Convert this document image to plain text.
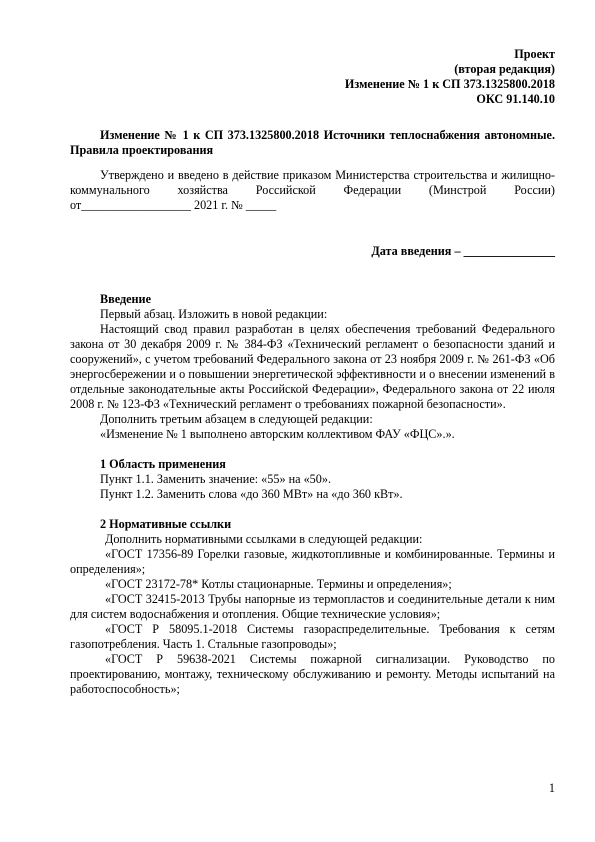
Проект

(вторая редакция)

Изменение № 1 к СП 373.1325800.2018

ОКС 91.140.10

Изменение № 1 к СП 373.1325800.2018 Источники теплоснабжения автономные. Правила проектирования

Утверждено и введено в действие приказом Министерства строительства и жилищно-коммунального хозяйства Российской Федерации (Минстрой России) от__________________ 2021 г. № _____

Дата введения – _______________

Введение

Первый абзац. Изложить в новой редакции:

Настоящий свод правил разработан в целях обеспечения требований Федерального закона от 30 декабря 2009 г. № 384-ФЗ «Технический регламент о безопасности зданий и сооружений», с учетом требований Федерального закона от 23 ноября 2009 г. № 261-ФЗ «Об энергосбережении и о повышении энергетической эффективности и о внесении изменений в отдельные законодательные акты Российской Федерации», Федерального закона от 22 июля 2008 г. № 123-ФЗ «Технический регламент о требованиях пожарной безопасности».

Дополнить третьим абзацем в следующей редакции:

«Изменение № 1 выполнено авторским коллективом ФАУ «ФЦС».».

1 Область применения

Пункт 1.1. Заменить значение: «55» на «50».

Пункт 1.2. Заменить слова «до 360 МВт» на «до 360 кВт».

2 Нормативные ссылки

Дополнить нормативными ссылками в следующей редакции:

«ГОСТ 17356-89 Горелки газовые, жидкотопливные и комбинированные. Термины и определения»;

«ГОСТ 23172-78* Котлы стационарные. Термины и определения»;

«ГОСТ 32415-2013 Трубы напорные из термопластов и соединительные детали к ним для систем водоснабжения и отопления. Общие технические условия»;

«ГОСТ Р 58095.1-2018 Системы газораспределительные. Требования к сетям газопотребления. Часть 1. Стальные газопроводы»;

«ГОСТ Р 59638-2021 Системы пожарной сигнализации. Руководство по проектированию, монтажу, техническому обслуживанию и ремонту. Методы испытаний на работоспособность»;

1
